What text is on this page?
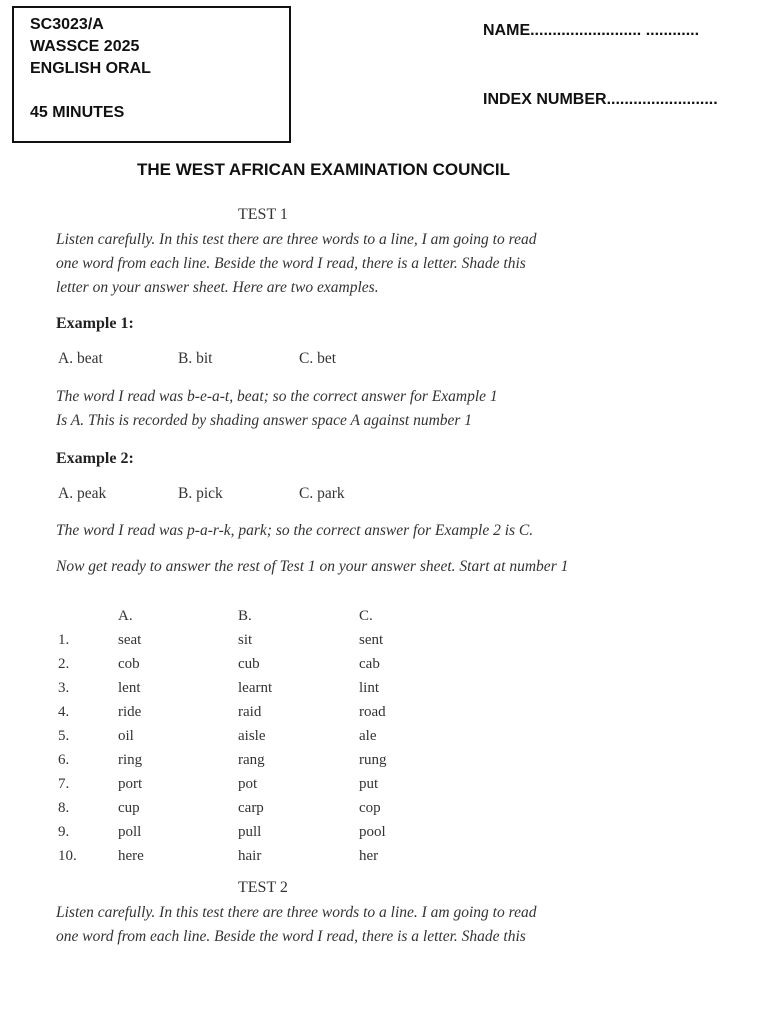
SC3023/A
WASSCE 2025
ENGLISH ORAL
45 MINUTES
NAME......................... ............
INDEX NUMBER.........................
THE WEST AFRICAN EXAMINATION COUNCIL
TEST 1
Listen carefully. In this test there are three words to a line, I am going to read
one word from each line. Beside the word I read, there is a letter. Shade this
letter on your answer sheet. Here are two examples.
Example 1:
A. beat	B. bit	C. bet
The word I read was b-e-a-t, beat; so the correct answer for Example 1
Is A. This is recorded by shading answer space A against number 1
Example 2:
A. peak	B. pick	C. park
The word I read was p-a-r-k, park; so the correct answer for Example 2 is C.
Now get ready to answer the rest of Test 1 on your answer sheet. Start at number 1
	A.	B.	C.
1.	seat	sit	sent
2.	cob	cub	cab
3.	lent	learnt	lint
4.	ride	raid	road
5.	oil	aisle	ale
6.	ring	rang	rung
7.	port	pot	put
8.	cup	carp	cop
9.	poll	pull	pool
10.	here	hair	her
TEST 2
Listen carefully. In this test there are three words to a line. I am going to read
one word from each line. Beside the word I read, there is a letter. Shade this
